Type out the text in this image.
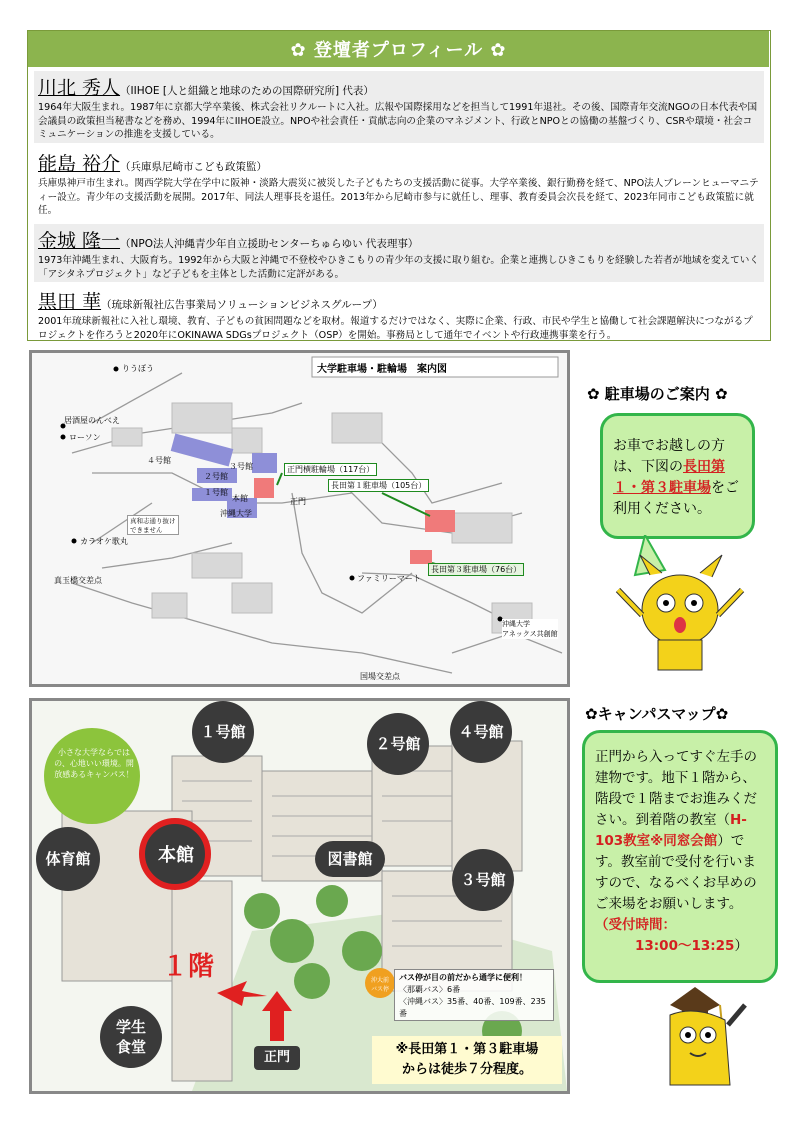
✿ 登壇者プロフィール ✿
川北 秀人（IIHOE [人と組織と地球のための国際研究所] 代表）
1964年大阪生まれ。1987年に京都大学卒業後、株式会社リクルートに入社。広報や国際採用などを担当して1991年退社。その後、国際青年交流NGOの日本代表や国会議員の政策担当秘書などを務め、1994年にIIHOE設立。NPOや社会責任・貢献志向の企業のマネジメント、行政とNPOとの協働の基盤づくり、CSRや環境・社会コミュニケーションの推進を支援している。
能島 裕介（兵庫県尼崎市こども政策監）
兵庫県神戸市生まれ。関西学院大学在学中に阪神・淡路大震災に被災した子どもたちの支援活動に従事。大学卒業後、銀行勤務を経て、NPO法人ブレーンヒューマニティー設立。青少年の支援活動を展開。2017年、同法人理事長を退任。2013年から尼崎市参与に就任し、理事、教育委員会次長を経て、2023年同市こども政策監に就任。
金城 隆一（NPO法人沖縄青少年自立援助センターちゅらゆい 代表理事）
1973年沖縄生まれ、大阪育ち。1992年から大阪と沖縄で不登校やひきこもりの青少年の支援に取り組む。企業と連携しひきこもりを経験した若者が地域を変えていく「アシタネプロジェクト」など子どもを主体とした活動に定評がある。
黒田 華（琉球新報社広告事業局ソリューションビジネスグループ）
2001年琉球新報社に入社し環境、教育、子どもの貧困問題などを取材。報道するだけではなく、実際に企業、行政、市民や学生と協働して社会課題解決につながるプロジェクトを作ろうと2020年にOKINAWA SDGsプロジェクト（OSP）を開始。事務局として通年でイベントや行政連携事業を行う。
大学駐車場・駐輪場　案内図
りうぼう
居酒屋のんべえ
ローソン
４号館
３号館
２号館
１号館
本館
沖縄大学
正門
正門横駐輪場（117台）
長田第１駐車場（105台）
長田第３駐車場（76台）
真和志通り抜け
できません
カラオケ歌丸
真玉橋交差点	ファミリーマート
沖縄大学
アネックス共創館
国場交差点
✿ 駐車場のご案内 ✿
お車でお越しの方は、下図の長田第１・第３駐車場をご利用ください。
小さな大学ならではの、心地いい環境。開放感あるキャンパス！
１号館
２号館
４号館
３号館
体育館	本館	図書館
１階
学生
食堂
正門
沖大前
バス停
バス停が目の前だから通学に便利！
〈那覇バス〉6番
〈沖縄バス〉35番、40番、109番、235番
※長田第１・第３駐車場
からは徒歩７分程度。
✿キャンパスマップ✿
正門から入ってすぐ左手の建物です。地下１階から、階段で１階までお進みください。到着階の教室（H-103教室※同窓会館）です。教室前で受付を行いますので、なるべくお早めのご来場をお願いします。
（受付時間：
13:00～13:25）
